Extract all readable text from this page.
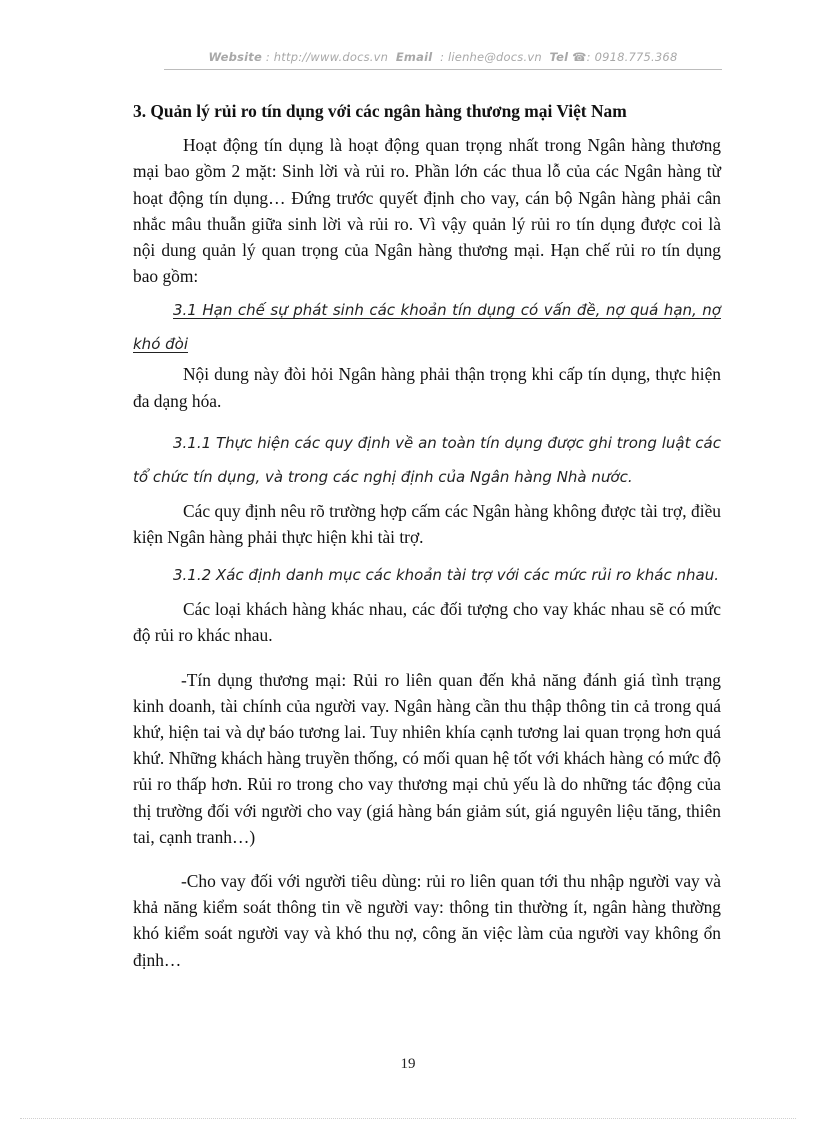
Website : http://www.docs.vn Email : lienhe@docs.vn Tel ☎: 0918.775.368

3. Quản lý rủi ro tín dụng với các ngân hàng thương mại Việt Nam

Hoạt động tín dụng là hoạt động quan trọng nhất trong Ngân hàng thương mại bao gồm 2 mặt: Sinh lời và rủi ro. Phần lớn các thua lỗ của các Ngân hàng từ hoạt động tín dụng… Đứng trước quyết định cho vay, cán bộ Ngân hàng phải cân nhắc mâu thuẫn giữa sinh lời và rủi ro. Vì vậy quản lý rủi ro tín dụng được coi là nội dung quản lý quan trọng của Ngân hàng thương mại. Hạn chế rủi ro tín dụng bao gồm:

3.1 Hạn chế sự phát sinh các khoản tín dụng có vấn đề, nợ quá hạn, nợ khó đòi

Nội dung này đòi hỏi Ngân hàng phải thận trọng khi cấp tín dụng, thực hiện đa dạng hóa.

3.1.1 Thực hiện các quy định về an toàn tín dụng được ghi trong luật các tổ chức tín dụng, và trong các nghị định của Ngân hàng Nhà nước.

Các quy định nêu rõ trường hợp cấm các Ngân hàng không được tài trợ, điều kiện Ngân hàng phải thực hiện khi tài trợ.

3.1.2 Xác định danh mục các khoản tài trợ với các mức rủi ro khác nhau.

Các loại khách hàng khác nhau, các đối tượng cho vay khác nhau sẽ có mức độ rủi ro khác nhau.

-Tín dụng thương mại: Rủi ro liên quan đến khả năng đánh giá tình trạng kinh doanh, tài chính của người vay. Ngân hàng cần thu thập thông tin cả trong quá khứ, hiện tai và dự báo tương lai. Tuy nhiên khía cạnh tương lai quan trọng hơn quá khứ. Những khách hàng truyền thống, có mối quan hệ tốt với khách hàng có mức độ rủi ro thấp hơn. Rủi ro trong cho vay thương mại chủ yếu là do những tác động của thị trường đối với người cho vay (giá hàng bán giảm sút, giá nguyên liệu tăng, thiên tai, cạnh tranh…)

-Cho vay đối với người tiêu dùng: rủi ro liên quan tới thu nhập người vay và khả năng kiểm soát thông tin về người vay: thông tin thường ít, ngân hàng thường khó kiểm soát người vay và khó thu nợ, công ăn việc làm của người vay không ổn định…

19
